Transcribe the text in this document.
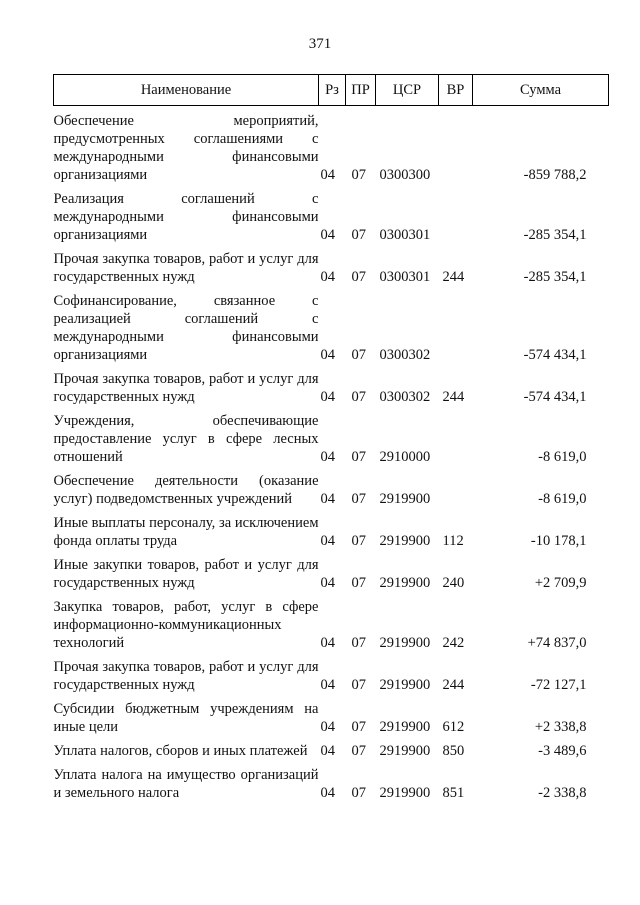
371
Наименование	Рз	ПР	ЦСР	ВР	Сумма
Обеспечение мероприятий, предусмотренных соглашениями с международными финансовыми организациями	04	07	0300300		-859 788,2
Реализация соглашений с международными финансовыми организациями	04	07	0300301		-285 354,1
Прочая закупка товаров, работ и услуг для государственных нужд	04	07	0300301	244	-285 354,1
Софинансирование, связанное с реализацией соглашений с международными финансовыми организациями	04	07	0300302		-574 434,1
Прочая закупка товаров, работ и услуг для государственных нужд	04	07	0300302	244	-574 434,1
Учреждения, обеспечивающие предоставление услуг в сфере лесных отношений	04	07	2910000		-8 619,0
Обеспечение деятельности (оказание услуг) подведомственных учреждений	04	07	2919900		-8 619,0
Иные выплаты персоналу, за исключением фонда оплаты труда	04	07	2919900	112	-10 178,1
Иные закупки товаров, работ и услуг для государственных нужд	04	07	2919900	240	+2 709,9
Закупка товаров, работ, услуг в сфере информационно-коммуникационных технологий	04	07	2919900	242	+74 837,0
Прочая закупка товаров, работ и услуг для государственных нужд	04	07	2919900	244	-72 127,1
Субсидии бюджетным учреждениям на иные цели	04	07	2919900	612	+2 338,8
Уплата налогов, сборов и иных платежей	04	07	2919900	850	-3 489,6
Уплата налога на имущество организаций и земельного налога	04	07	2919900	851	-2 338,8
